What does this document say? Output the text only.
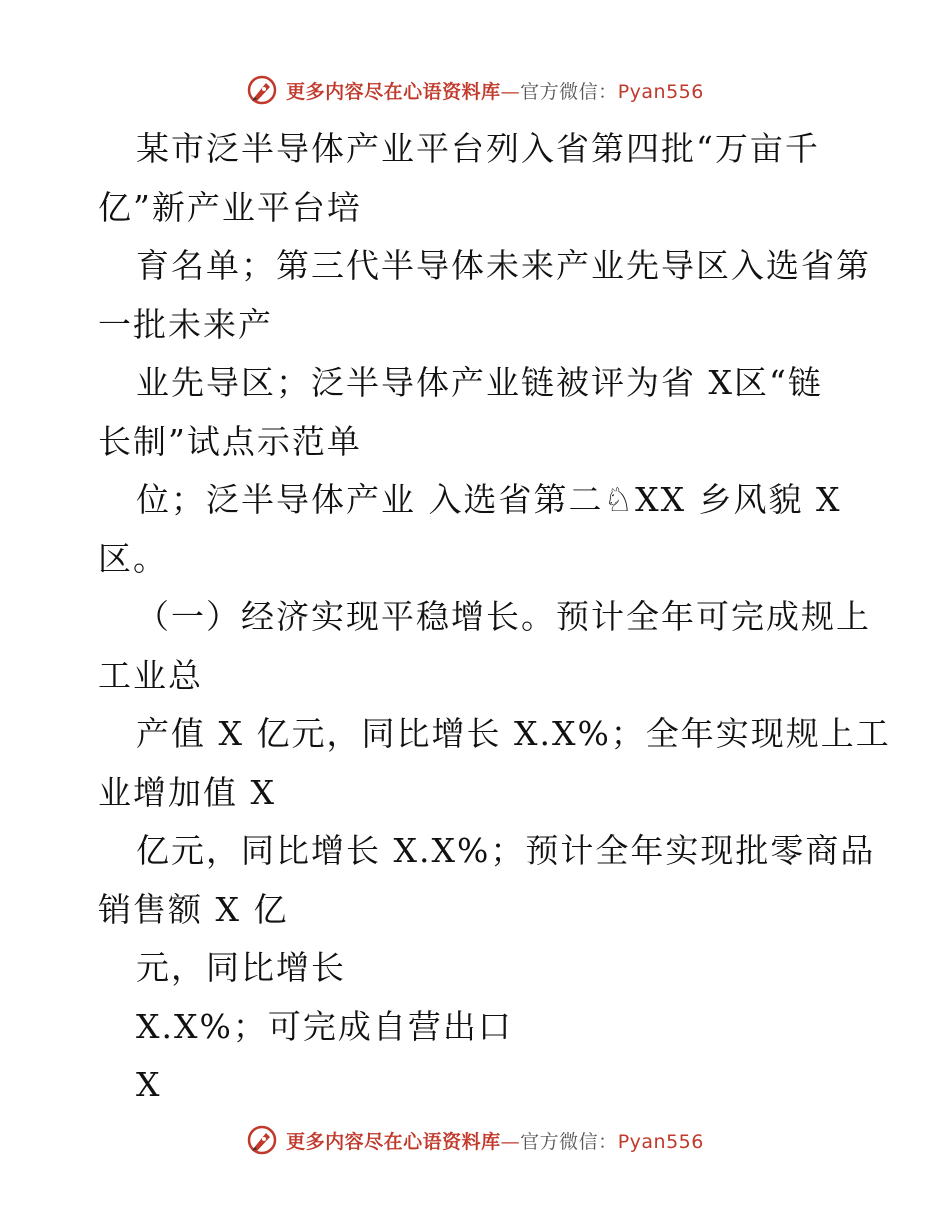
更多内容尽在心语资料库—官方微信：Pyan556
某市泛半导体产业平台列入省第四批“万亩千
亿”新产业平台培
育名单；第三代半导体未来产业先导区入选省第
一批未来产
业先导区；泛半导体产业链被评为省 X区“链
长制”试点示范单
位；泛半导体产业 入选省第二♘XX 乡风貌 X
区。
（一）经济实现平稳增长。预计全年可完成规上
工业总
产值 X 亿元，同比增长 X.X%；全年实现规上工
业增加值 X
亿元，同比增长 X.X%；预计全年实现批零商品
销售额 X 亿
元，同比增长
X.X%；可完成自营出口
X
更多内容尽在心语资料库—官方微信：Pyan556
